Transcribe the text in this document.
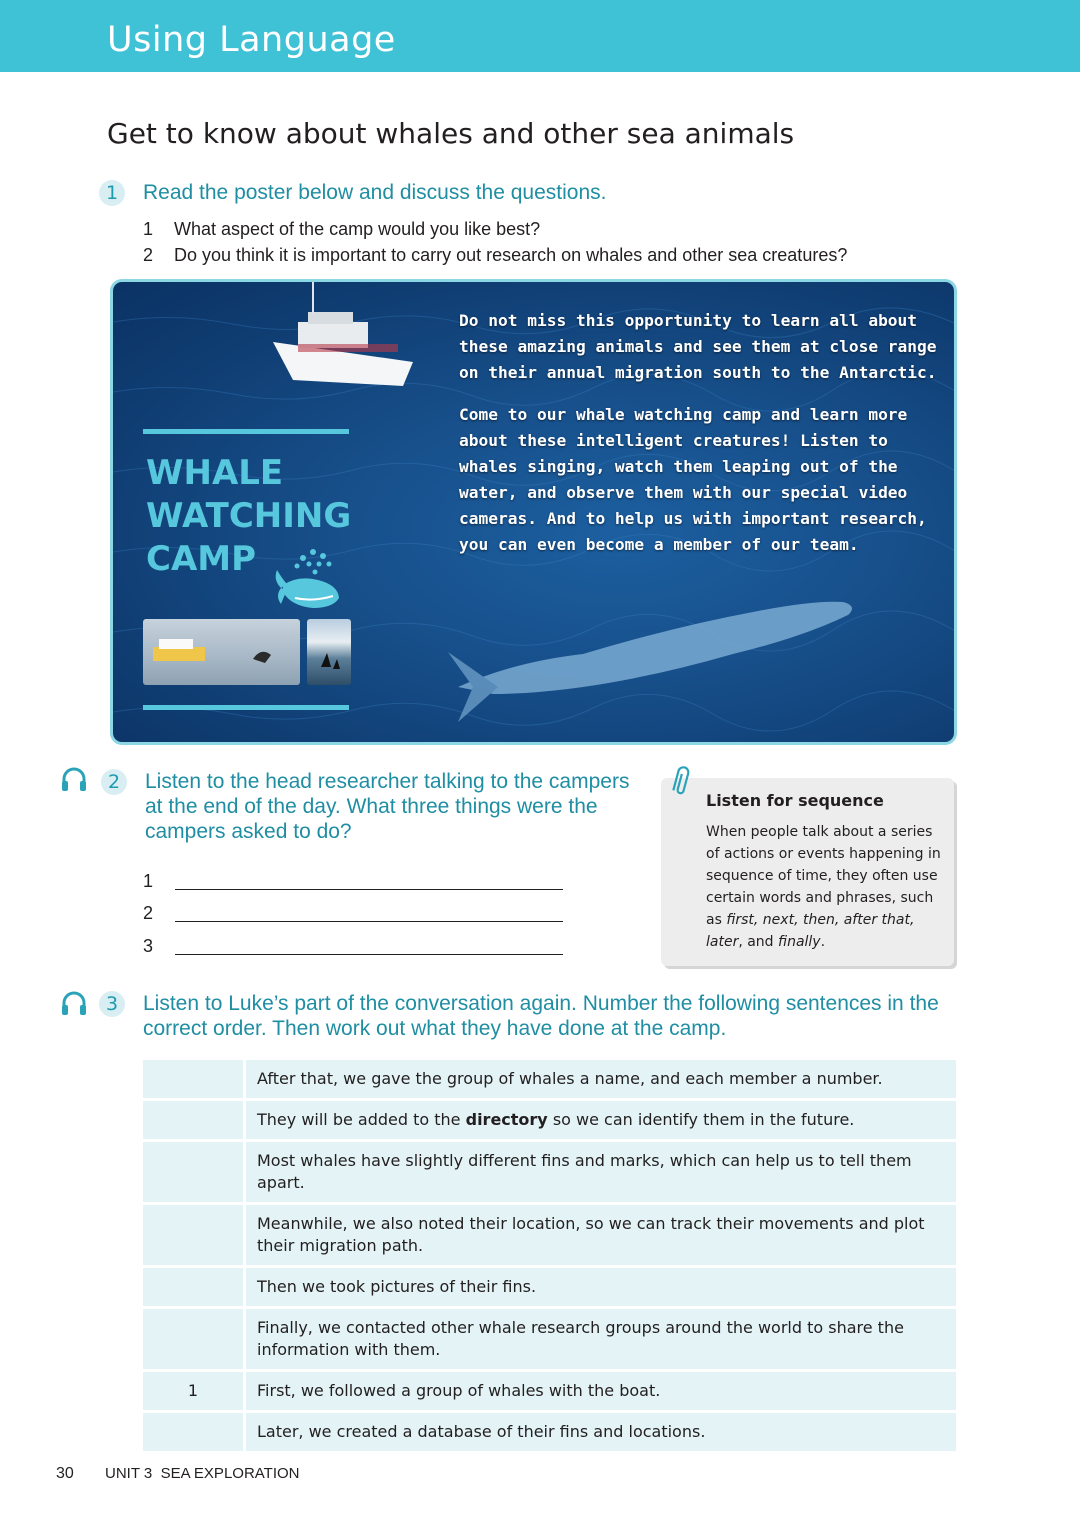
Using Language
Get to know about whales and other sea animals
1	Read the poster below and discuss the questions.
1 What aspect of the camp would you like best?
2 Do you think it is important to carry out research on whales and other sea creatures?
WHALE
WATCHING
CAMP
Do not miss this opportunity to learn all about these amazing animals and see them at close range on their annual migration south to the Antarctic.
Come to our whale watching camp and learn more about these intelligent creatures! Listen to whales singing, watch them leaping out of the water, and observe them with our special video cameras. And to help us with important research, you can even become a member of our team.
2	Listen to the head researcher talking to the campers at the end of the day. What three things were the campers asked to do?
1
2
3
Listen for sequence
When people talk about a series of actions or events happening in sequence of time, they often use certain words and phrases, such as first, next, then, after that, later, and finally.
3	Listen to Luke’s part of the conversation again. Number the following sentences in the correct order. Then work out what they have done at the camp.
	After that, we gave the group of whales a name, and each member a number.
	They will be added to the directory so we can identify them in the future.
	Most whales have slightly different fins and marks, which can help us to tell them apart.
	Meanwhile, we also noted their location, so we can track their movements and plot their migration path.
	Then we took pictures of their fins.
	Finally, we contacted other whale research groups around the world to share the information with them.
1	First, we followed a group of whales with the boat.
	Later, we created a database of their fins and locations.
30 UNIT 3  SEA EXPLORATION
